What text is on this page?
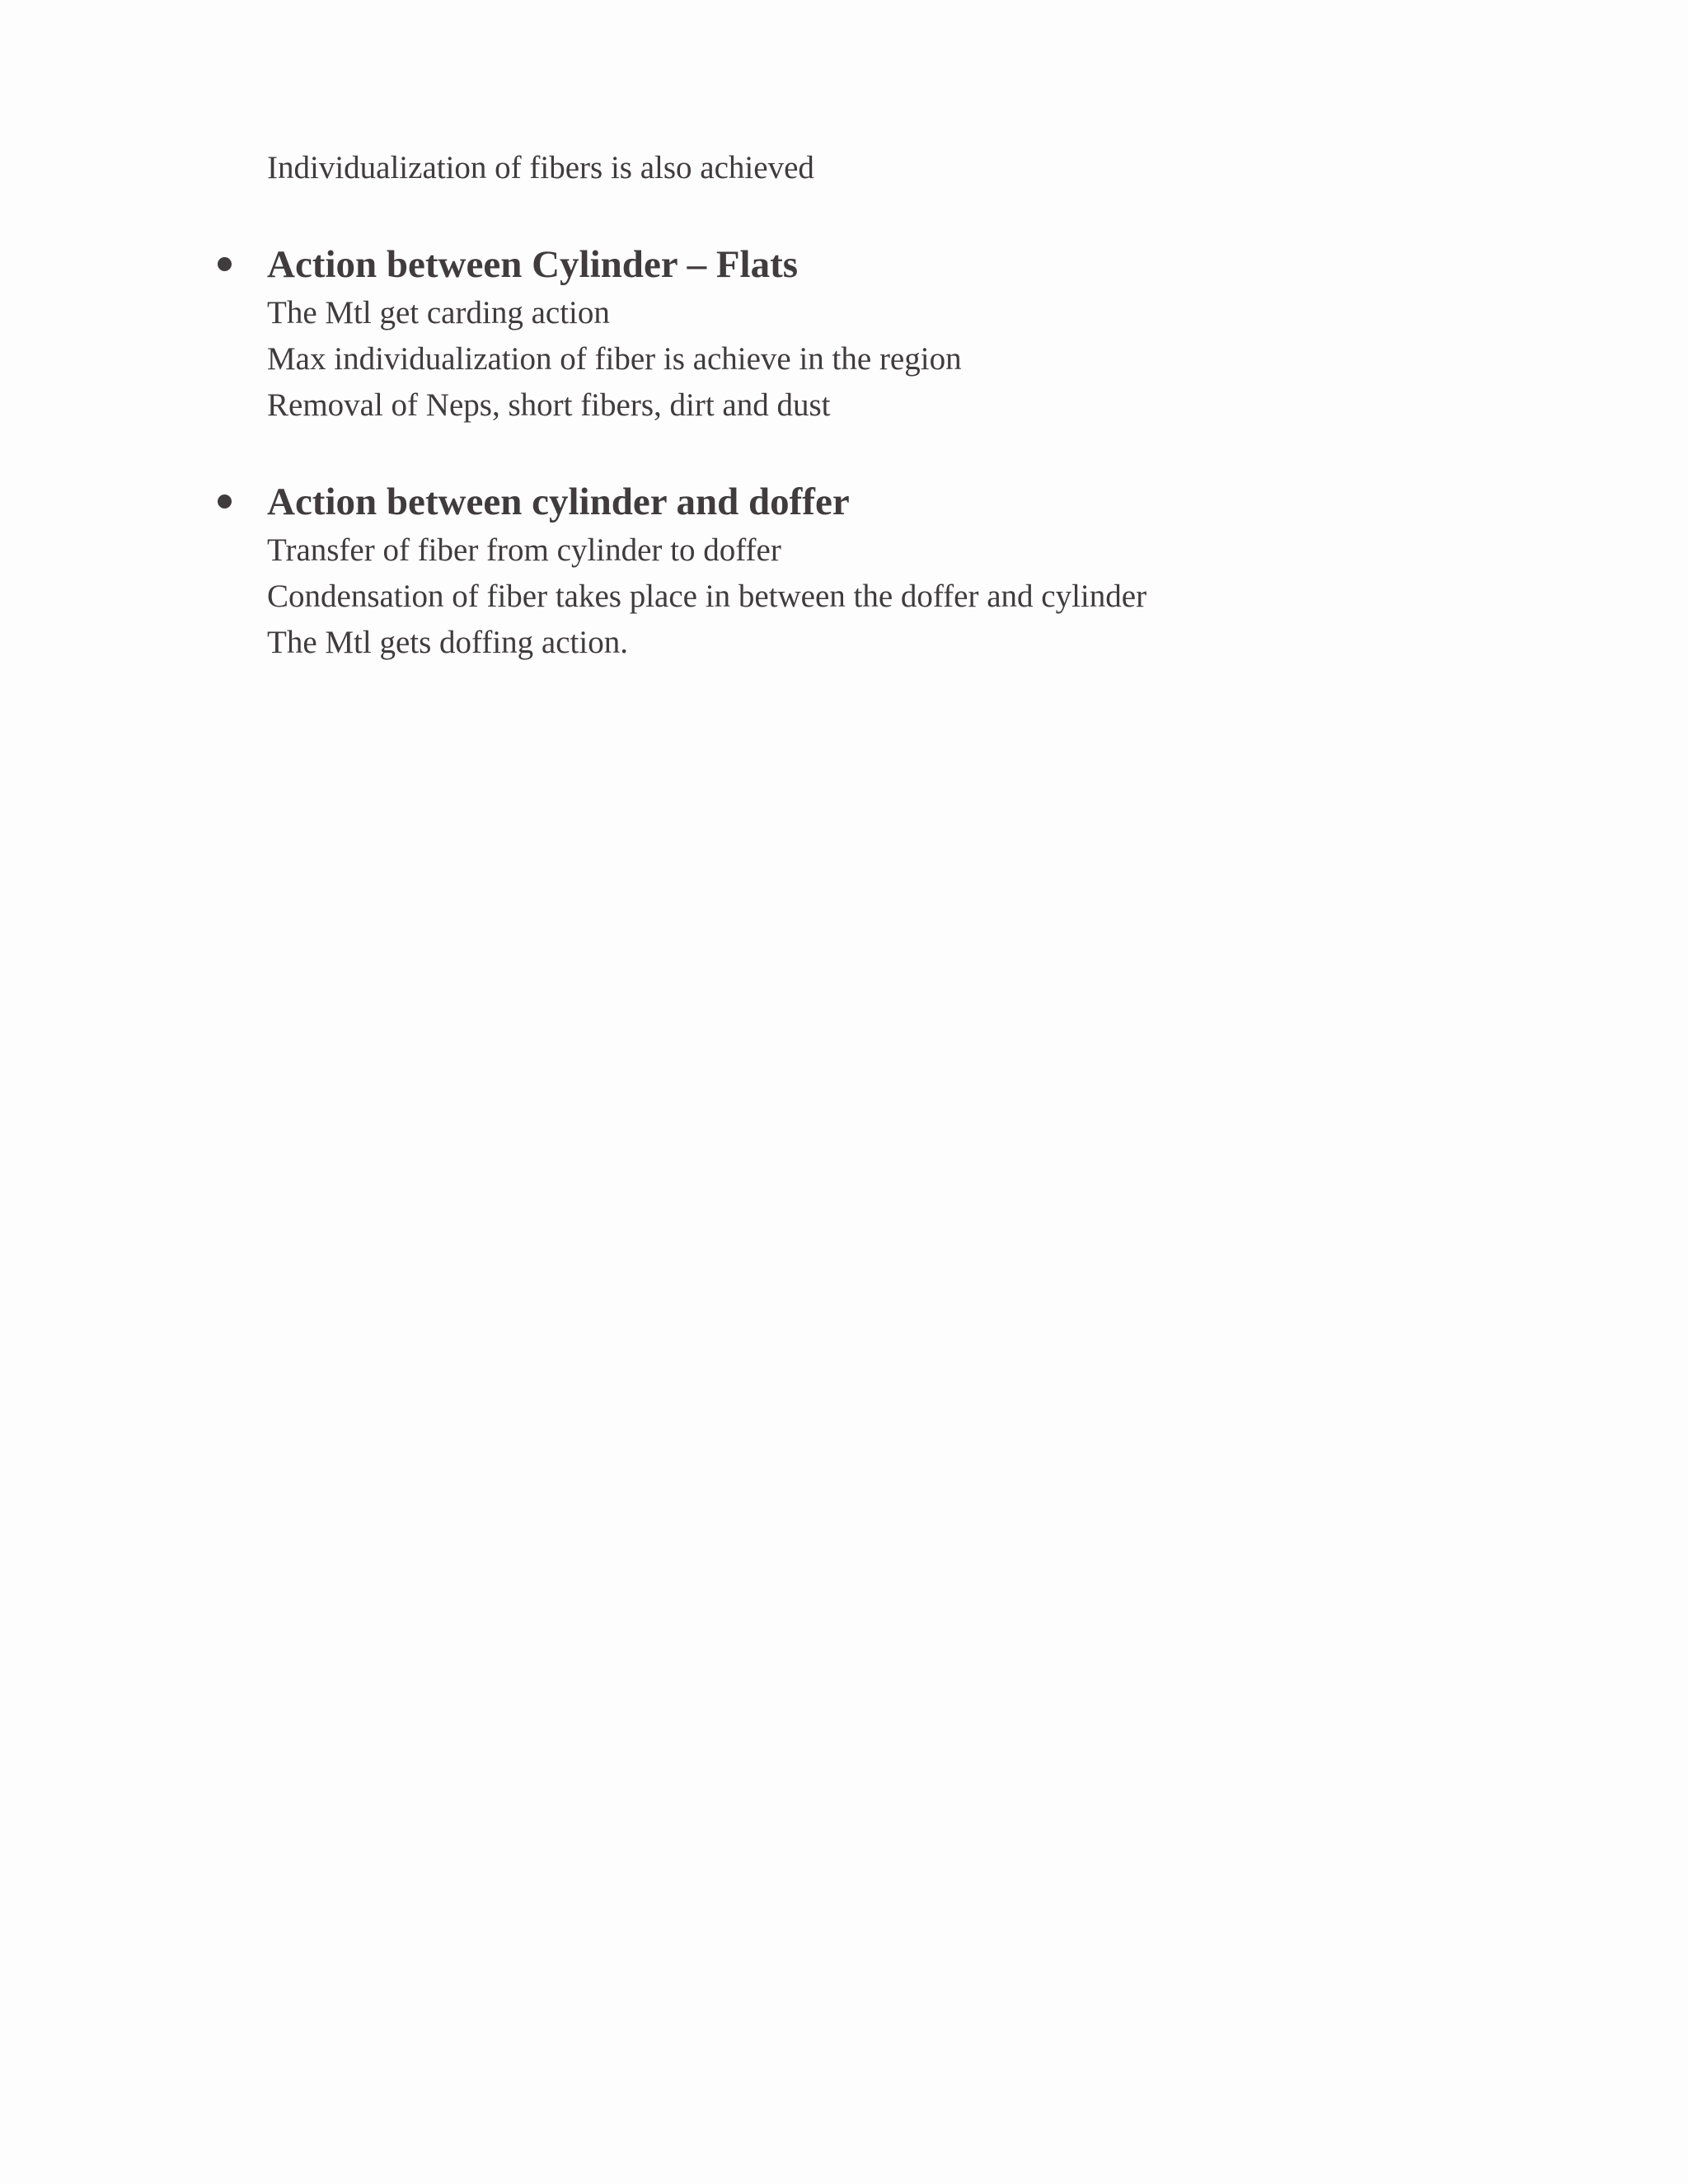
Individualization of fibers is also achieved
Action between Cylinder – Flats
The Mtl get carding action
Max individualization of fiber is achieve in the region
Removal of Neps, short fibers, dirt and dust
Action between cylinder and doffer
Transfer of fiber from cylinder to doffer
Condensation of fiber takes place in between the doffer and cylinder
The Mtl gets doffing action.
